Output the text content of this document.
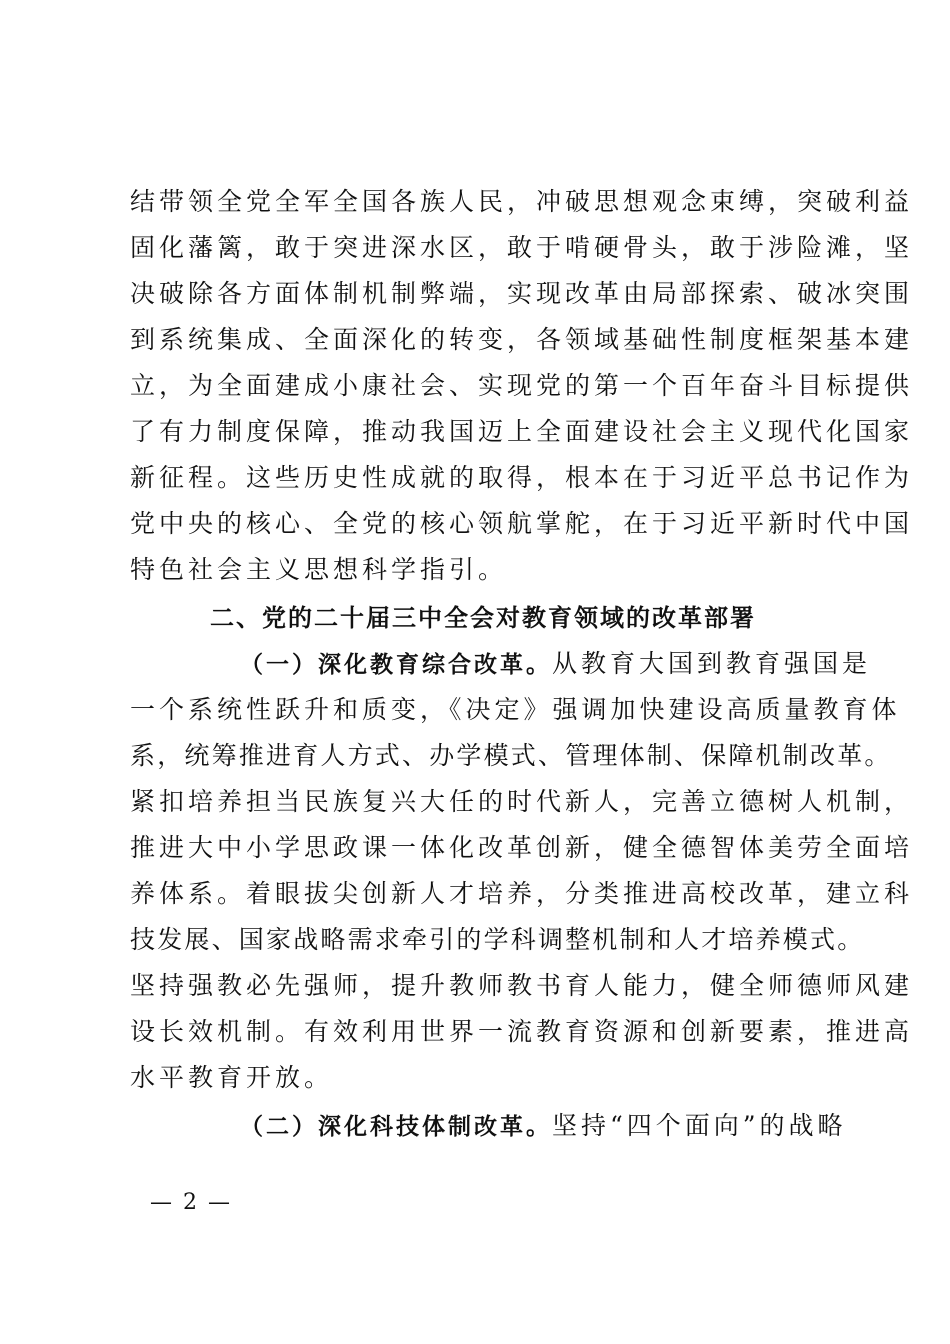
结带领全党全军全国各族人民，冲破思想观念束缚，突破利益
固化藩篱，敢于突进深水区，敢于啃硬骨头，敢于涉险滩，坚
决破除各方面体制机制弊端，实现改革由局部探索、破冰突围
到系统集成、全面深化的转变，各领域基础性制度框架基本建
立，为全面建成小康社会、实现党的第一个百年奋斗目标提供
了有力制度保障，推动我国迈上全面建设社会主义现代化国家
新征程。这些历史性成就的取得，根本在于习近平总书记作为
党中央的核心、全党的核心领航掌舵，在于习近平新时代中国
特色社会主义思想科学指引。
二、党的二十届三中全会对教育领域的改革部署
（一）深化教育综合改革。从教育大国到教育强国是
一个系统性跃升和质变，《决定》强调加快建设高质量教育体
系，统筹推进育人方式、办学模式、管理体制、保障机制改革。
紧扣培养担当民族复兴大任的时代新人，完善立德树人机制，
推进大中小学思政课一体化改革创新，健全德智体美劳全面培
养体系。着眼拔尖创新人才培养，分类推进高校改革，建立科
技发展、国家战略需求牵引的学科调整机制和人才培养模式。
坚持强教必先强师，提升教师教书育人能力，健全师德师风建
设长效机制。有效利用世界一流教育资源和创新要素，推进高
水平教育开放。
（二）深化科技体制改革。坚持“四个面向”的战略
— 2 —
